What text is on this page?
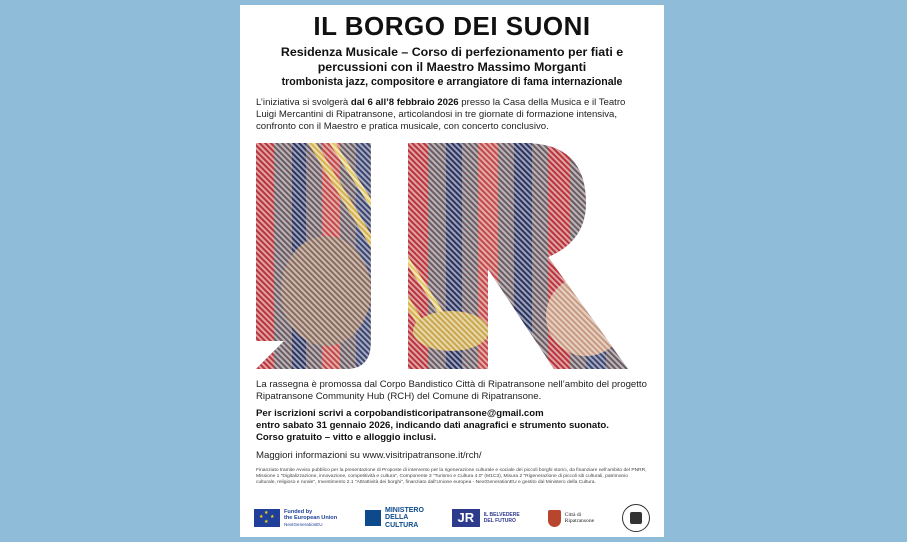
IL BORGO DEI SUONI
Residenza Musicale – Corso di perfezionamento per fiati e
percussioni con il Maestro Massimo Morganti
trombonista jazz, compositore e arrangiatore di fama internazionale

L’iniziativa si svolgerà dal 6 all’8 febbraio 2026 presso la Casa della Musica e il Teatro Luigi Mercantini di Ripatransone, articolandosi in tre giornate di formazione intensiva, confronto con il Maestro e pratica musicale, con concerto conclusivo.

La rassegna è promossa dal Corpo Bandistico Città di Ripatransone nell’ambito del progetto Ripatransone Community Hub (RCH) del Comune di Ripatransone.

Per iscrizioni scrivi a corpobandisticoripatransone@gmail.com
entro sabato 31 gennaio 2026, indicando dati anagrafici e strumento suonato.
Corso gratuito – vitto e alloggio inclusi.

Maggiori informazioni su www.visitripatransone.it/rch/

Finanziato tramite Avviso pubblico per la presentazione di Proposte di intervento per la rigenerazione culturale e sociale dei piccoli borghi storici, da finanziare nell’ambito del PNRR, Missione 1 “Digitalizzazione, innovazione, competitività e cultura”, Componente 3 “Turismo e Cultura 4.0” (M1C3), Misura 2 “Rigenerazione di piccoli siti culturali, patrimonio culturale, religioso e rurale”, Investimento 2.1 “Attrattività dei borghi”, finanziato dall’Unione europea - NextGenerationEU e gestito dal Ministero della Cultura.

★
★ ★
★
Funded by
the European Union
NextGenerationEU
MINISTERO
DELLA
CULTURA
JR	IL BELVEDERE
DEL FUTURO
Città di
Ripatransone
